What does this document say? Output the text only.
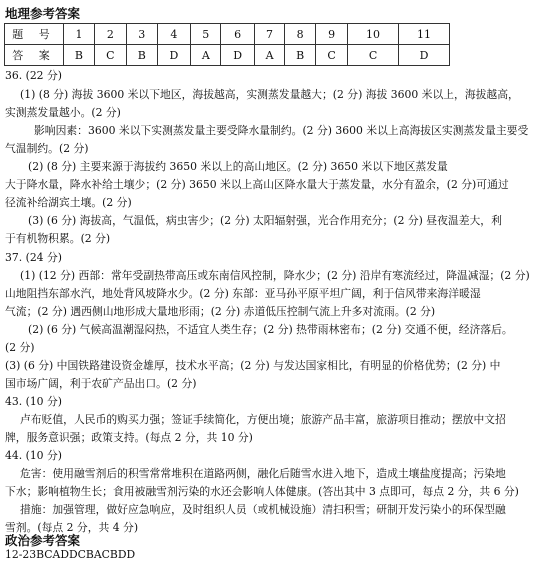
地理参考答案
题 号	1	2	3	4	5	6	7	8	9	10	11
答 案	B	C	B	D	A	D	A	B	C	C	D
36. (22 分)
(1) (8 分) 海拔 3600 米以下地区，海拔越高，实测蒸发量越大；(2 分) 海拔 3600 米以上，海拔越高，
实测蒸发量越小。(2 分)
影响因素：3600 米以下实测蒸发量主要受降水量制约。(2 分) 3600 米以上高海拔区实测蒸发量主要受
气温制约。(2 分)
(2) (8 分) 主要来源于海拔约 3650 米以上的高山地区。(2 分) 3650 米以下地区蒸发量
大于降水量，降水补给土壤少；(2 分) 3650 米以上高山区降水量大于蒸发量，水分有盈余，(2 分)可通过
径流补给湖宾土壤。(2 分)
(3) (6 分) 海拔高，气温低，病虫害少；(2 分) 太阳辐射强，光合作用充分；(2 分) 昼夜温差大，利
于有机物积累。(2 分)
37. (24 分)
(1) (12 分) 西部：常年受副热带高压或东南信风控制，降水少；(2 分) 沿岸有寒流经过，降温减湿；(2 分)
山地阻挡东部水汽，地处背风坡降水少。(2 分) 东部：亚马孙平原平坦广阔，利于信风带来海洋暖湿
气流；(2 分) 遇西侧山地形成大量地形雨；(2 分) 赤道低压控制气流上升多对流雨。(2 分)
(2) (6 分) 气候高温潮湿闷热，不适宜人类生存；(2 分) 热带雨林密布；(2 分) 交通不便，经济落后。
(2 分)
(3) (6 分) 中国铁路建设资金雄厚，技术水平高；(2 分) 与发达国家相比，有明显的价格优势；(2 分) 中
国市场广阔，利于农矿产品出口。(2 分)
43. (10 分)
卢布贬值，人民币的购买力强；签证手续简化，方便出境；旅游产品丰富，旅游项目推动；摆放中文招
牌，服务意识强；政策支持。(每点 2 分，共 10 分)
44. (10 分)
危害：使用融雪剂后的积雪常常堆积在道路两侧，融化后随雪水进入地下，造成土壤盐度提高；污染地
下水；影响植物生长；食用被融雪剂污染的水还会影响人体健康。(答出其中 3 点即可，每点 2 分，共 6 分)
措施：加强管理，做好应急响应，及时组织人员（或机械设施）清扫积雪；研制开发污染小的环保型融
雪剂。(每点 2 分，共 4 分)
政治参考答案
12-23BCADDCBACBDD
